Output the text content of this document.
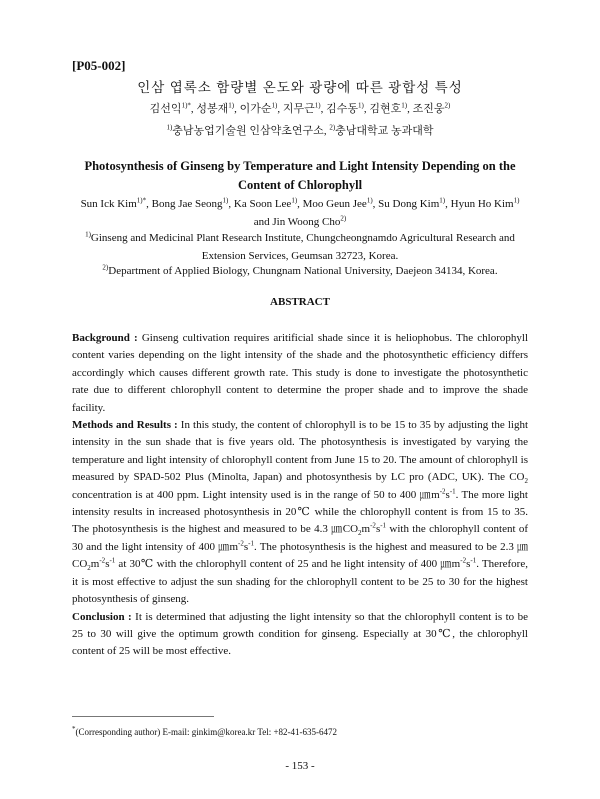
[P05-002]
인삼 엽록소 함량별 온도와 광량에 따른 광합성 특성
김선익$^{1)*}$, 성봉재$^{1)}$, 이가순$^{1)}$, 지무근$^{1)}$, 김수동$^{1)}$, 김현호$^{1)}$, 조진웅$^{2)}$
$^{1)}$충남농업기술원 인삼약초연구소, $^{2)}$충남대학교 농과대학
Photosynthesis of Ginseng by Temperature and Light Intensity Depending on the Content of Chlorophyll
Sun Ick Kim$^{1)*}$, Bong Jae Seong$^{1)}$, Ka Soon Lee$^{1)}$, Moo Geun Jee$^{1)}$, Su Dong Kim$^{1)}$, Hyun Ho Kim$^{1)}$ and Jin Woong Cho$^{2)}$
$^{1)}$Ginseng and Medicinal Plant Research Institute, Chungcheongnamdo Agricultural Research and Extension Services, Geumsan 32723, Korea.
$^{2)}$Department of Applied Biology, Chungnam National University, Daejeon 34134, Korea.
ABSTRACT

Background : Ginseng cultivation requires aritificial shade since it is heliophobus. The chlorophyll content varies depending on the light intensity of the shade and the photosynthetic efficiency differs accordingly which causes different growth rate. This study is done to investigate the photosynthetic rate due to different chlorophyll content to determine the proper shade and to improve the shade facility.

Methods and Results : In this study, the content of chlorophyll is to be 15 to 35 by adjusting the light intensity in the sun shade that is five years old. The photosynthesis is investigated by varying the temperature and light intensity of chlorophyll content from June 15 to 20. The amount of chlorophyll is measured by SPAD-502 Plus (Minolta, Japan) and photosynthesis by LC pro (ADC, UK). The $CO_2$ concentration is at 400 ppm. Light intensity used is in the range of 50 to 400 $㎛m^{-2}s^{-1}$. The more light intensity results in increased photosynthesis in 20℃ while the chlorophyll content is from 15 to 35. The photosynthesis is the highest and measured to be 4.3 $㎛CO_2m^{-2}s^{-1}$ with the chlorophyll content of 30 and the light intensity of 400 $㎛m^{-2}s^{-1}$. The photosynthesis is the highest and measured to be 2.3 ㎛ $CO_2m^{-2}s^{-1}$ at 30℃ with the chlorophyll content of 25 and he light intensity of 400 $㎛m^{-2}s^{-1}$. Therefore, it is most effective to adjust the sun shading for the chlorophyll content to be 25 to 30 for the highest photosynthesis of ginseng.

Conclusion : It is determined that adjusting the light intensity so that the chlorophyll content is to be 25 to 30 will give the optimum growth condition for ginseng. Especially at 30℃, the chlorophyll content of 25 will be most effective.

*(Corresponding author) E-mail: ginkim@korea.kr Tel: +82-41-635-6472
- 153 -
